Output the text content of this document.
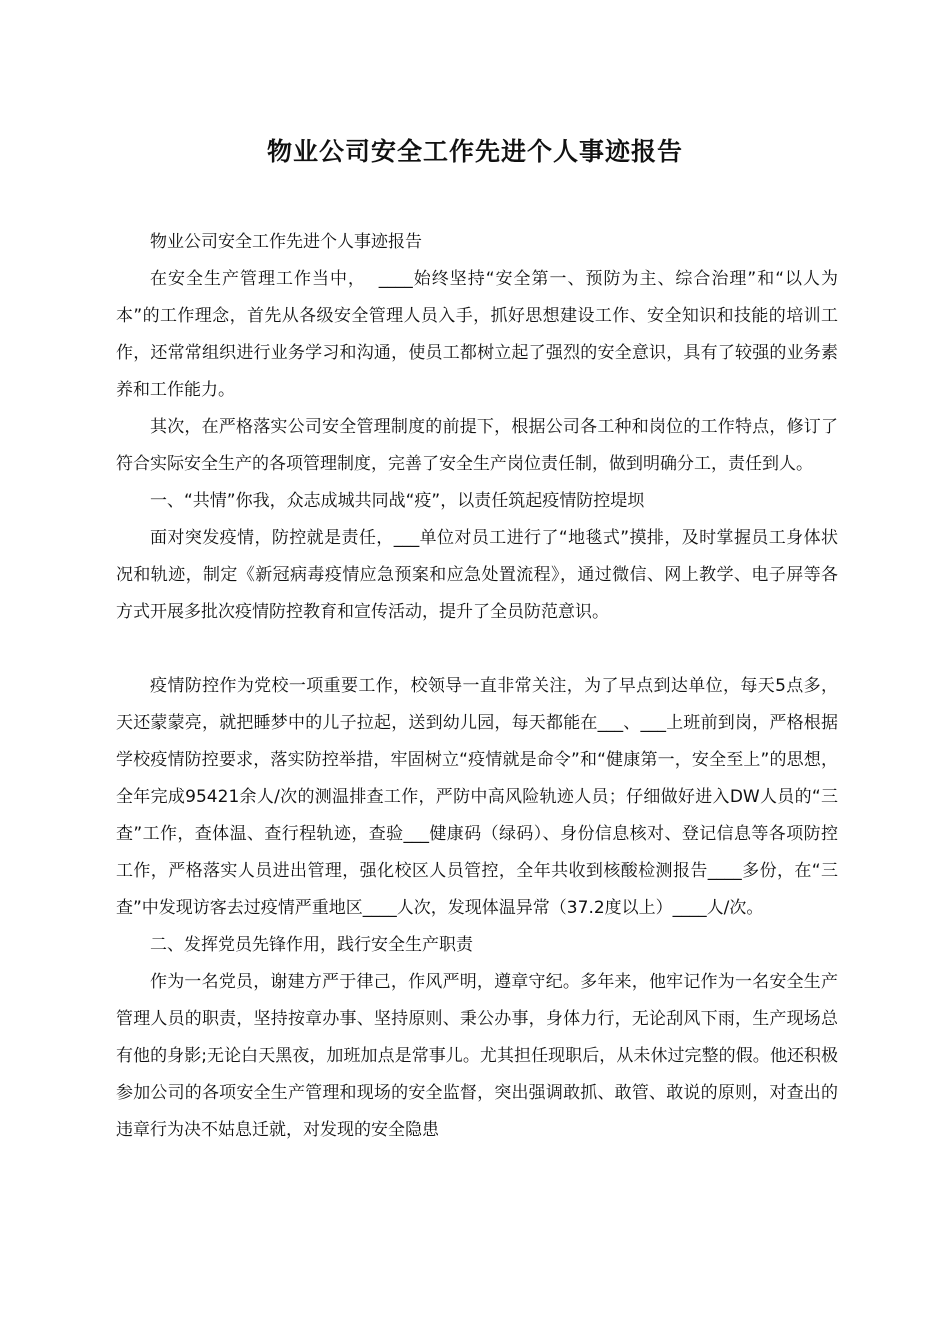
物业公司安全工作先进个人事迹报告

物业公司安全工作先进个人事迹报告

在安全生产管理工作当中，  ____始终坚持“安全第一、预防为主、综合治理”和“以人为本”的工作理念，首先从各级安全管理人员入手，抓好思想建设工作、安全知识和技能的培训工作，还常常组织进行业务学习和沟通，使员工都树立起了强烈的安全意识，具有了较强的业务素养和工作能力。

其次，在严格落实公司安全管理制度的前提下，根据公司各工种和岗位的工作特点，修订了符合实际安全生产的各项管理制度，完善了安全生产岗位责任制，做到明确分工，责任到人。

一、“共情”你我，众志成城共同战“疫”，以责任筑起疫情防控堤坝

面对突发疫情，防控就是责任，___单位对员工进行了“地毯式”摸排，及时掌握员工身体状况和轨迹，制定《新冠病毒疫情应急预案和应急处置流程》，通过微信、网上教学、电子屏等各方式开展多批次疫情防控教育和宣传活动，提升了全员防范意识。

疫情防控作为党校一项重要工作，校领导一直非常关注，为了早点到达单位，每天5点多，天还蒙蒙亮，就把睡梦中的儿子拉起，送到幼儿园，每天都能在___、___上班前到岗，严格根据学校疫情防控要求，落实防控举措，牢固树立“疫情就是命令”和“健康第一，安全至上”的思想，全年完成95421余人/次的测温排查工作，严防中高风险轨迹人员；仔细做好进入DW人员的“三查”工作，查体温、查行程轨迹，查验___健康码（绿码）、身份信息核对、登记信息等各项防控工作，严格落实人员进出管理，强化校区人员管控，全年共收到核酸检测报告____多份，在“三查”中发现访客去过疫情严重地区____人次，发现体温异常（37.2度以上）____人/次。

二、发挥党员先锋作用，践行安全生产职责

作为一名党员，谢建方严于律己，作风严明，遵章守纪。多年来，他牢记作为一名安全生产管理人员的职责，坚持按章办事、坚持原则、秉公办事，身体力行，无论刮风下雨，生产现场总有他的身影;无论白天黑夜，加班加点是常事儿。尤其担任现职后，从未休过完整的假。他还积极参加公司的各项安全生产管理和现场的安全监督，突出强调敢抓、敢管、敢说的原则，对查出的违章行为决不姑息迁就，对发现的安全隐患
